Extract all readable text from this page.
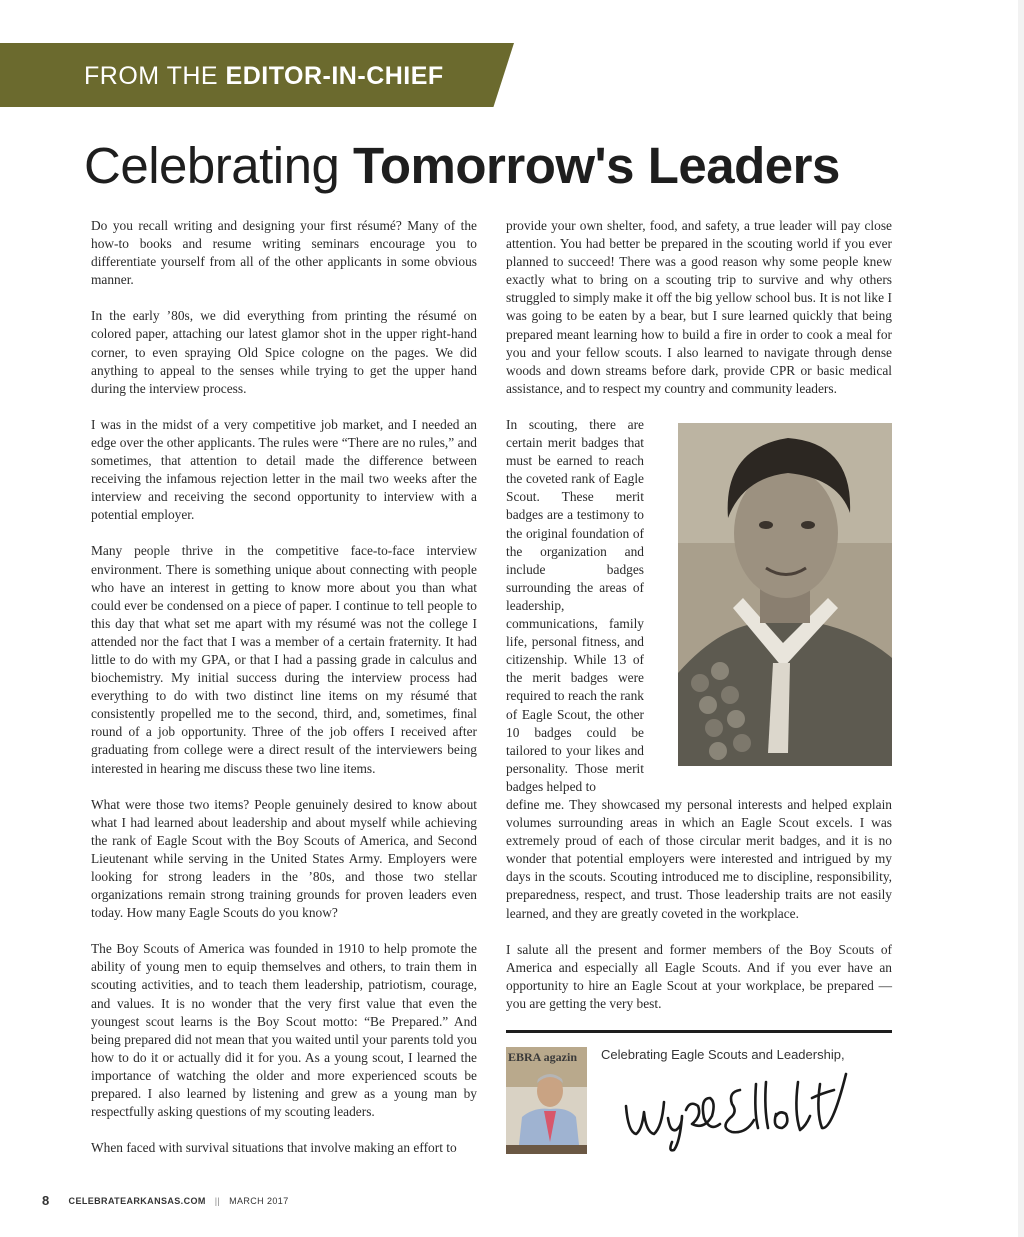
FROM THE EDITOR-IN-CHIEF
Celebrating Tomorrow's Leaders

Do you recall writing and designing your first résumé? Many of the how-to books and resume writing seminars encourage you to differentiate yourself from all of the other applicants in some obvious manner.

In the early ’80s, we did everything from printing the résumé on colored paper, attaching our latest glamor shot in the upper right-hand corner, to even spraying Old Spice cologne on the pages. We did anything to appeal to the senses while trying to get the upper hand during the interview process.

I was in the midst of a very competitive job market, and I needed an edge over the other applicants. The rules were “There are no rules,” and sometimes, that attention to detail made the difference between receiving the infamous rejection letter in the mail two weeks after the interview and receiving the second opportunity to interview with a potential employer.

Many people thrive in the competitive face-to-face interview environment. There is something unique about connecting with people who have an interest in getting to know more about you than what could ever be condensed on a piece of paper. I continue to tell people to this day that what set me apart with my résumé was not the college I attended nor the fact that I was a member of a certain fraternity. It had little to do with my GPA, or that I had a passing grade in calculus and biochemistry. My initial success during the interview process had everything to do with two distinct line items on my résumé that consistently propelled me to the second, third, and, sometimes, final round of a job opportunity. Three of the job offers I received after graduating from college were a direct result of the interviewers being interested in hearing me discuss these two line items.

What were those two items? People genuinely desired to know about what I had learned about leadership and about myself while achieving the rank of Eagle Scout with the Boy Scouts of America, and Second Lieutenant while serving in the United States Army. Employers were looking for strong leaders in the ’80s, and those two stellar organizations remain strong training grounds for proven leaders even today. How many Eagle Scouts do you know?

The Boy Scouts of America was founded in 1910 to help promote the ability of young men to equip themselves and others, to train them in scouting activities, and to teach them leadership, patriotism, courage, and values. It is no wonder that the very first value that even the youngest scout learns is the Boy Scout motto: “Be Prepared.” And being prepared did not mean that you waited until your parents told you how to do it or actually did it for you. As a young scout, I learned the importance of watching the older and more experienced scouts be prepared. I also learned by listening and grew as a young man by respectfully asking questions of my scouting leaders.

When faced with survival situations that involve making an effort to

provide your own shelter, food, and safety, a true leader will pay close attention. You had better be prepared in the scouting world if you ever planned to succeed! There was a good reason why some people knew exactly what to bring on a scouting trip to survive and why others struggled to simply make it off the big yellow school bus. It is not like I was going to be eaten by a bear, but I sure learned quickly that being prepared meant learning how to build a fire in order to cook a meal for you and your fellow scouts. I also learned to navigate through dense woods and down streams before dark, provide CPR or basic medical assistance, and to respect my country and community leaders.

In scouting, there are certain merit badges that must be earned to reach the coveted rank of Eagle Scout. These merit badges are a testimony to the original foundation of the organization and include badges surrounding the areas of leadership, communications, family life, personal fitness, and citizenship. While 13 of the merit badges were required to reach the rank of Eagle Scout, the other 10 badges could be tailored to your likes and personality. Those merit badges helped to

define me. They showcased my personal interests and helped explain volumes surrounding areas in which an Eagle Scout excels. I was extremely proud of each of those circular merit badges, and it is no wonder that potential employers were interested and intrigued by my days in the scouts. Scouting introduced me to discipline, responsibility, preparedness, respect, and trust. Those leadership traits are not easily learned, and they are greatly coveted in the workplace.

I salute all the present and former members of the Boy Scouts of America and especially all Eagle Scouts. And if you ever have an opportunity to hire an Eagle Scout at your workplace, be prepared — you are getting the very best.

EBRA agazin Celebrating Eagle Scouts and Leadership,
8 CELEBRATEARKANSAS.COM || MARCH 2017
